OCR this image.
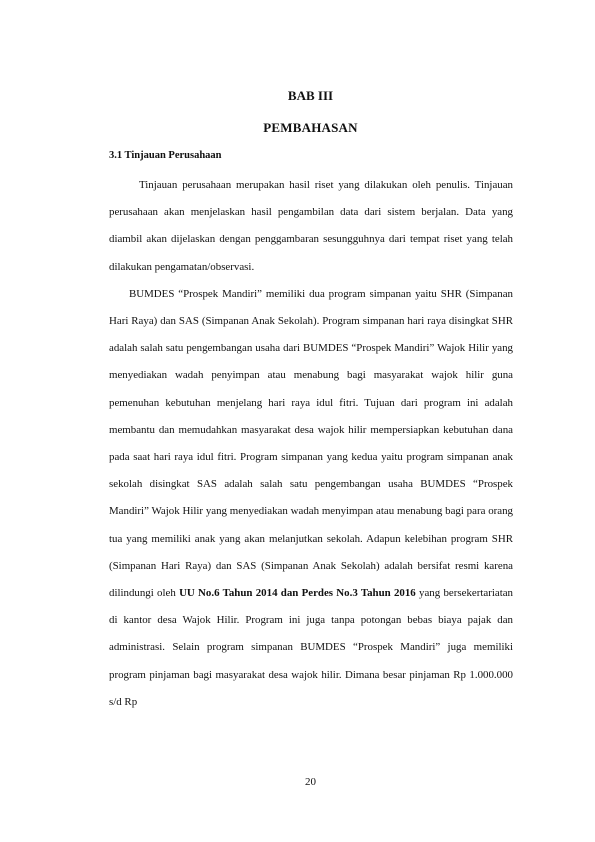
BAB III
PEMBAHASAN
3.1 Tinjauan Perusahaan

Tinjauan perusahaan merupakan hasil riset yang dilakukan oleh penulis. Tinjauan perusahaan akan menjelaskan hasil pengambilan data dari sistem berjalan. Data yang diambil akan dijelaskan dengan penggambaran sesungguhnya dari tempat riset yang telah dilakukan pengamatan/observasi.

BUMDES “Prospek Mandiri” memiliki dua program simpanan yaitu SHR (Simpanan Hari Raya) dan SAS (Simpanan Anak Sekolah). Program simpanan hari raya disingkat SHR adalah salah satu pengembangan usaha dari BUMDES “Prospek Mandiri” Wajok Hilir yang menyediakan wadah penyimpan atau menabung bagi masyarakat wajok hilir guna pemenuhan kebutuhan menjelang hari raya idul fitri. Tujuan dari program ini adalah membantu dan memudahkan masyarakat desa wajok hilir mempersiapkan kebutuhan dana pada saat hari raya idul fitri. Program simpanan yang kedua yaitu program simpanan anak sekolah disingkat SAS adalah salah satu pengembangan usaha BUMDES “Prospek Mandiri” Wajok Hilir yang menyediakan wadah menyimpan atau menabung bagi para orang tua yang memiliki anak yang akan melanjutkan sekolah. Adapun kelebihan program SHR (Simpanan Hari Raya) dan SAS (Simpanan Anak Sekolah) adalah bersifat resmi karena dilindungi oleh UU No.6 Tahun 2014 dan Perdes No.3 Tahun 2016 yang bersekertariatan di kantor desa Wajok Hilir. Program ini juga tanpa potongan bebas biaya pajak dan administrasi. Selain program simpanan BUMDES “Prospek Mandiri” juga memiliki program pinjaman bagi masyarakat desa wajok hilir. Dimana besar pinjaman Rp 1.000.000 s/d Rp

20
